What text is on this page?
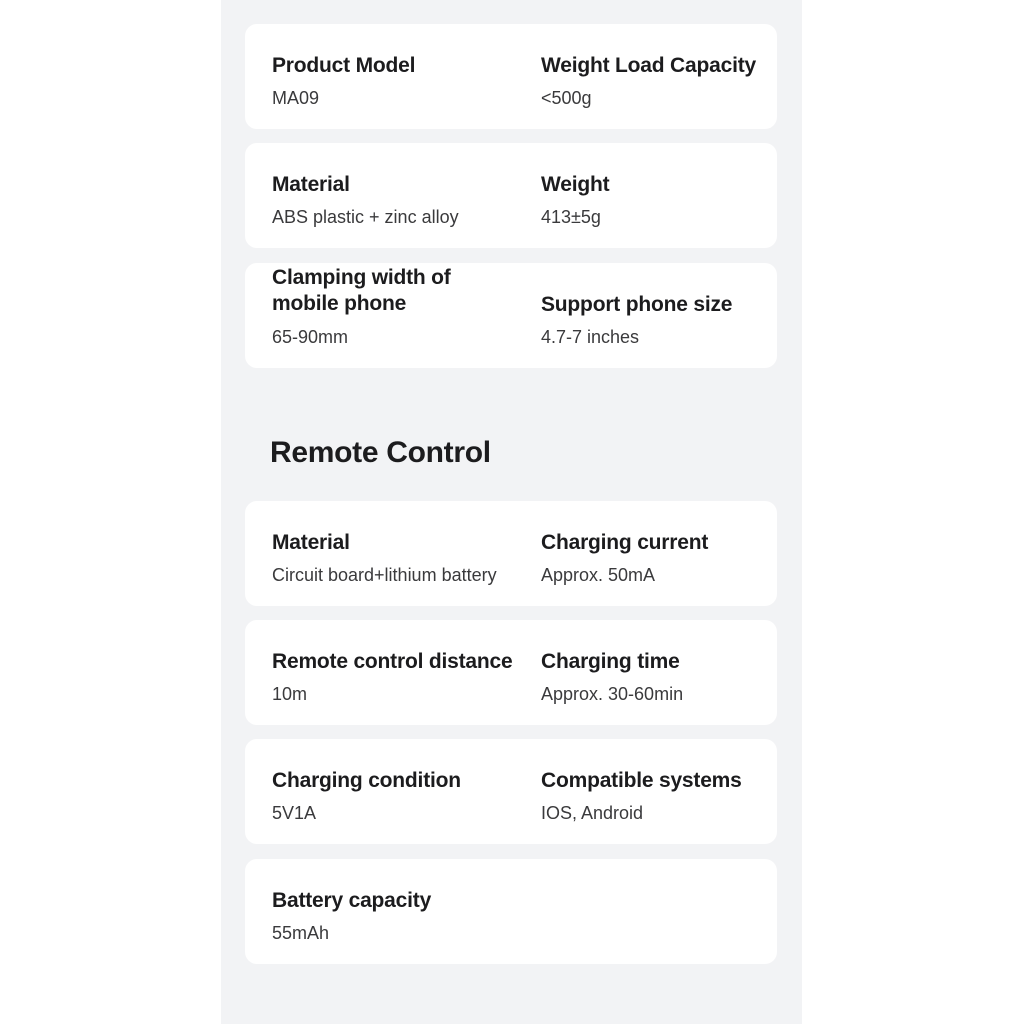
Product Model
MA09
Weight Load Capacity
<500g
Material
ABS plastic + zinc alloy
Weight
413±5g
Clamping width of mobile phone
65-90mm
Support phone size
4.7-7 inches
Remote Control
Material
Circuit board+lithium battery
Charging current
Approx. 50mA
Remote control distance
10m
Charging time
Approx. 30-60min
Charging condition
5V1A
Compatible systems
IOS, Android
Battery capacity
55mAh
